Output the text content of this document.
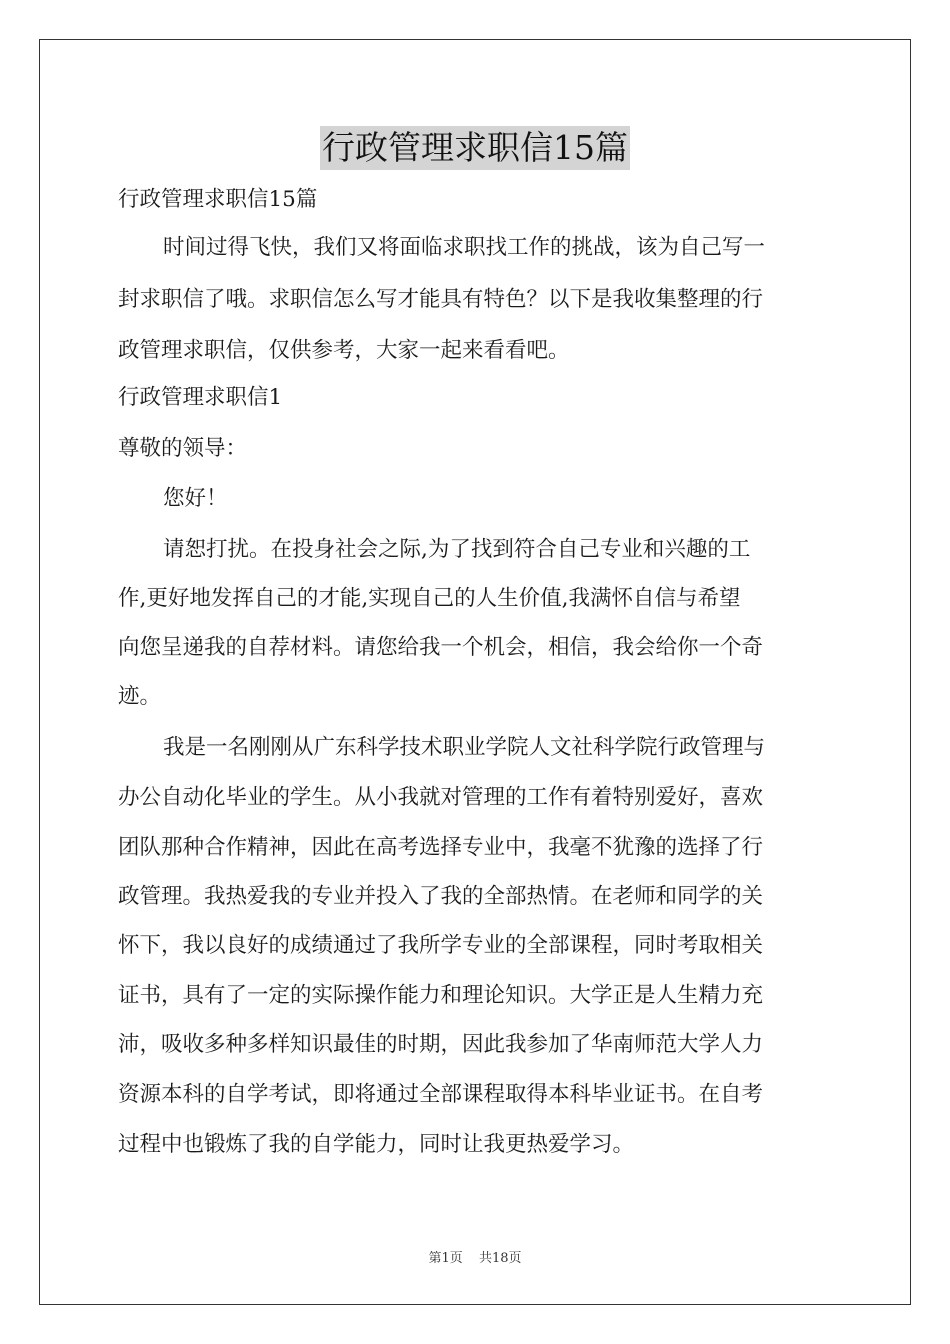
行政管理求职信15篇
行政管理求职信15篇
时间过得飞快，我们又将面临求职找工作的挑战，该为自己写一
封求职信了哦。求职信怎么写才能具有特色？以下是我收集整理的行
政管理求职信，仅供参考，大家一起来看看吧。
行政管理求职信1
尊敬的领导：
您好！
请恕打扰。在投身社会之际,为了找到符合自己专业和兴趣的工
作,更好地发挥自己的才能,实现自己的人生价值,我满怀自信与希望
向您呈递我的自荐材料。请您给我一个机会，相信，我会给你一个奇
迹。
我是一名刚刚从广东科学技术职业学院人文社科学院行政管理与
办公自动化毕业的学生。从小我就对管理的工作有着特别爱好，喜欢
团队那种合作精神，因此在高考选择专业中，我毫不犹豫的选择了行
政管理。我热爱我的专业并投入了我的全部热情。在老师和同学的关
怀下，我以良好的成绩通过了我所学专业的全部课程，同时考取相关
证书，具有了一定的实际操作能力和理论知识。大学正是人生精力充
沛，吸收多种多样知识最佳的时期，因此我参加了华南师范大学人力
资源本科的自学考试，即将通过全部课程取得本科毕业证书。在自考
过程中也锻炼了我的自学能力，同时让我更热爱学习。
第1页 共18页
